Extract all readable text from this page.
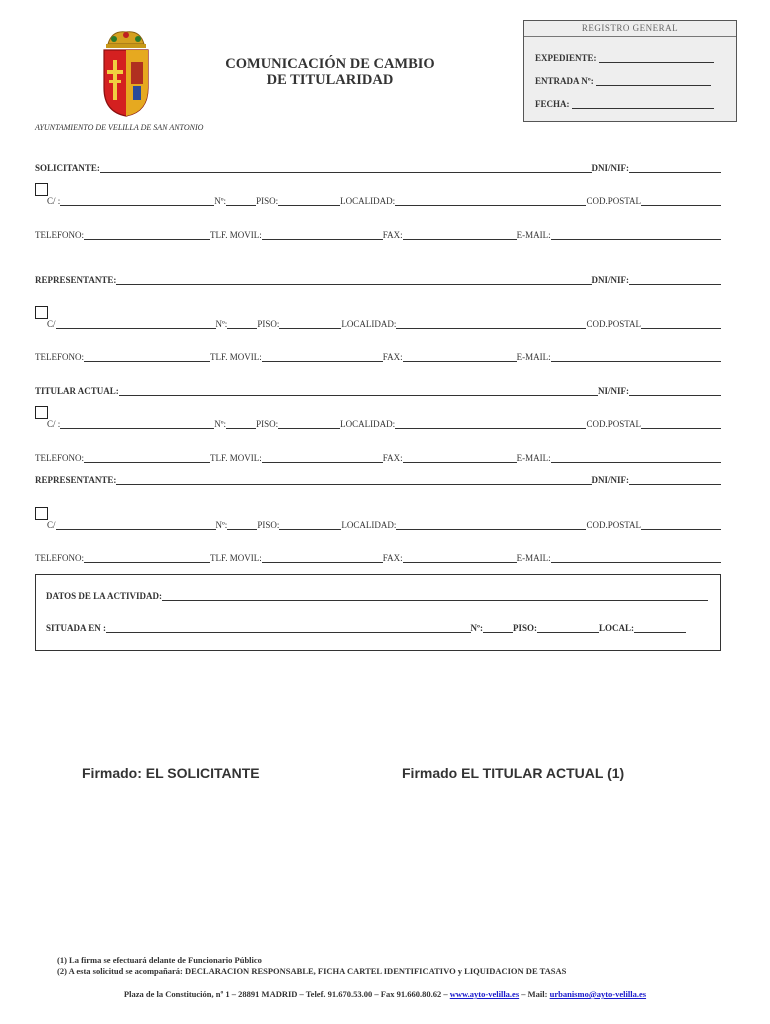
COMUNICACIÓN DE CAMBIO
DE TITULARIDAD
AYUNTAMIENTO DE VELILLA DE SAN ANTONIO
REGISTRO GENERAL
EXPEDIENTE:
ENTRADA Nº:
FECHA:
SOLICITANTE:	DNI/NIF:
C/ :	Nº:	PISO:	LOCALIDAD:	COD.POSTAL
TELEFONO:	TLF. MOVIL:	FAX:	E-MAIL:
REPRESENTANTE:	DNI/NIF:
C/	Nº:	PISO:	LOCALIDAD:	COD.POSTAL
TELEFONO:	TLF. MOVIL:	FAX:	E-MAIL:
TITULAR ACTUAL:	NI/NIF:
C/ :	Nº:	PISO:	LOCALIDAD:	COD.POSTAL
TELEFONO:	TLF. MOVIL:	FAX:	E-MAIL:
REPRESENTANTE:	DNI/NIF:
C/	Nº:	PISO:	LOCALIDAD:	COD.POSTAL
TELEFONO:	TLF. MOVIL:	FAX:	E-MAIL:
DATOS DE LA ACTIVIDAD:
SITUADA EN :	Nº:	PISO:	LOCAL:
Firmado: EL SOLICITANTE	Firmado EL TITULAR ACTUAL (1)
(1) La firma se efectuará delante de Funcionario Público
(2) A esta solicitud se acompañará: DECLARACION RESPONSABLE, FICHA CARTEL IDENTIFICATIVO y LIQUIDACION DE TASAS
Plaza de la Constitución, nº 1 – 28891 MADRID – Telef. 91.670.53.00 – Fax 91.660.80.62 – www.ayto-velilla.es – Mail: urbanismo@ayto-velilla.es
